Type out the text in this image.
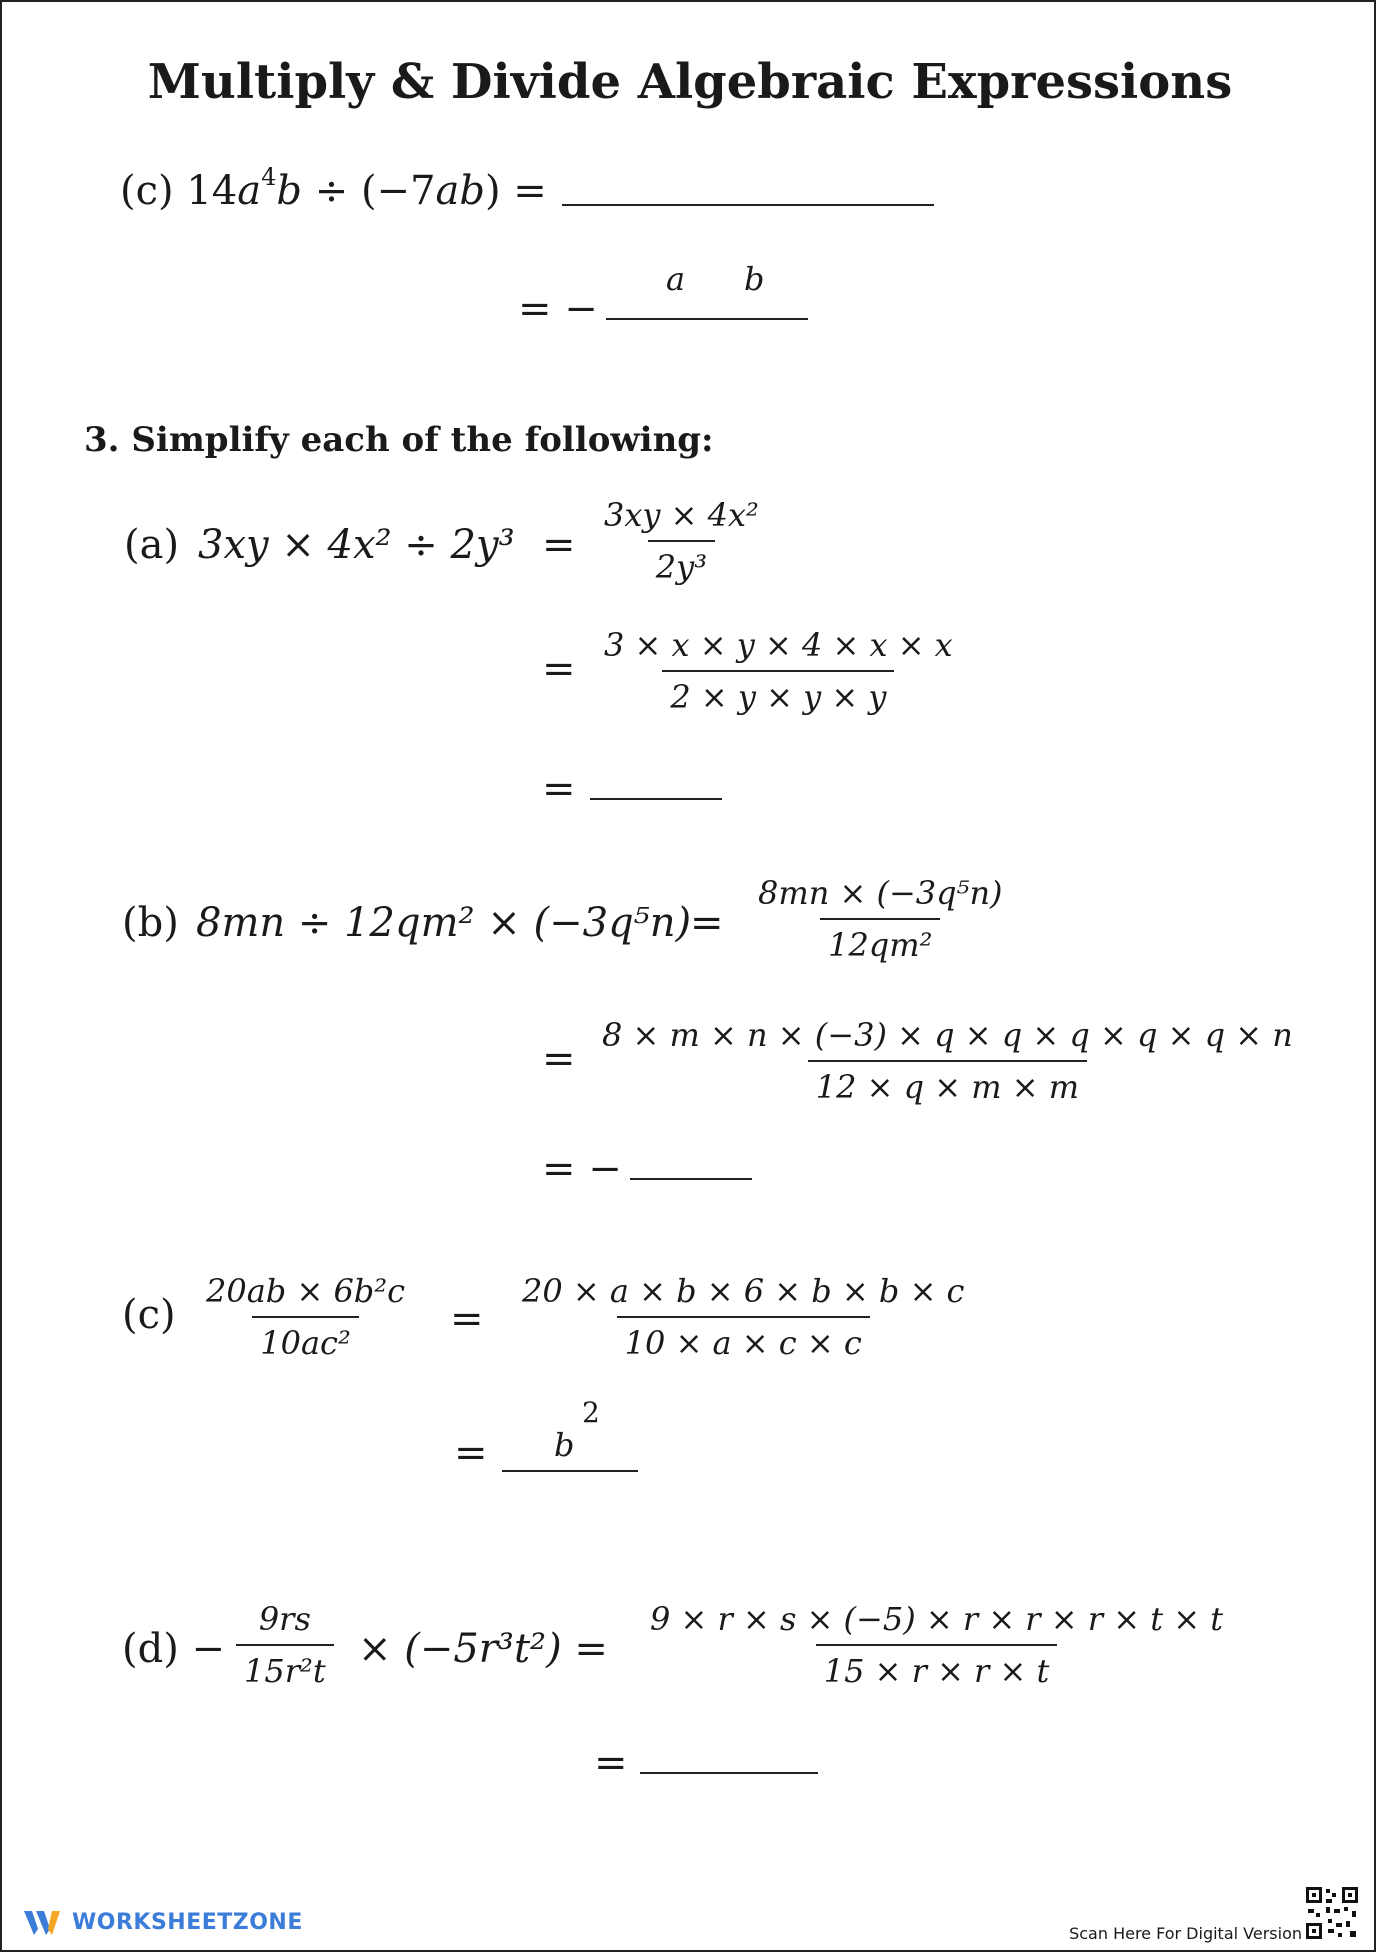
Multiply & Divide Algebraic Expressions
(c) $14a^4b \div (-7ab)$ =
= −
a b
3. Simplify each of the following:
(a) $3xy \times 4x^2 \div 2y^3 = \frac{\text{3xy × 4x²}}{\text{2y³}}$
= $\frac{3 \times x \times y \times 4 \times x \times x}{2 \times y \times y \times y}$
=
(b) 8mn ÷ 12qm² × (−3q⁵n)
= $\frac{\text{8mn × (−3q⁵n)}}{\text{12qm²}}$
= $\frac{8 \times m \times n \times (-3) \times q \times q \times q \times q \times q \times n}{12 \times q \times m \times m}$
= −
$(c) \frac{\text{20ab × 6b²c}}{\text{10ac²}} = \frac{20 \times a \times b \times 6 \times b \times b \times c}{10 \times a \times c \times c}$
= b
2
$(d) - \frac{9rs}{\text{15r²t}} \times (-5r^3t^2) = \frac{9 \times r \times s \times (-5) \times r \times r \times r \times t \times t}{15 \times r \times r \times t}$
=
WORKSHEETZONE	Scan Here For Digital Version
